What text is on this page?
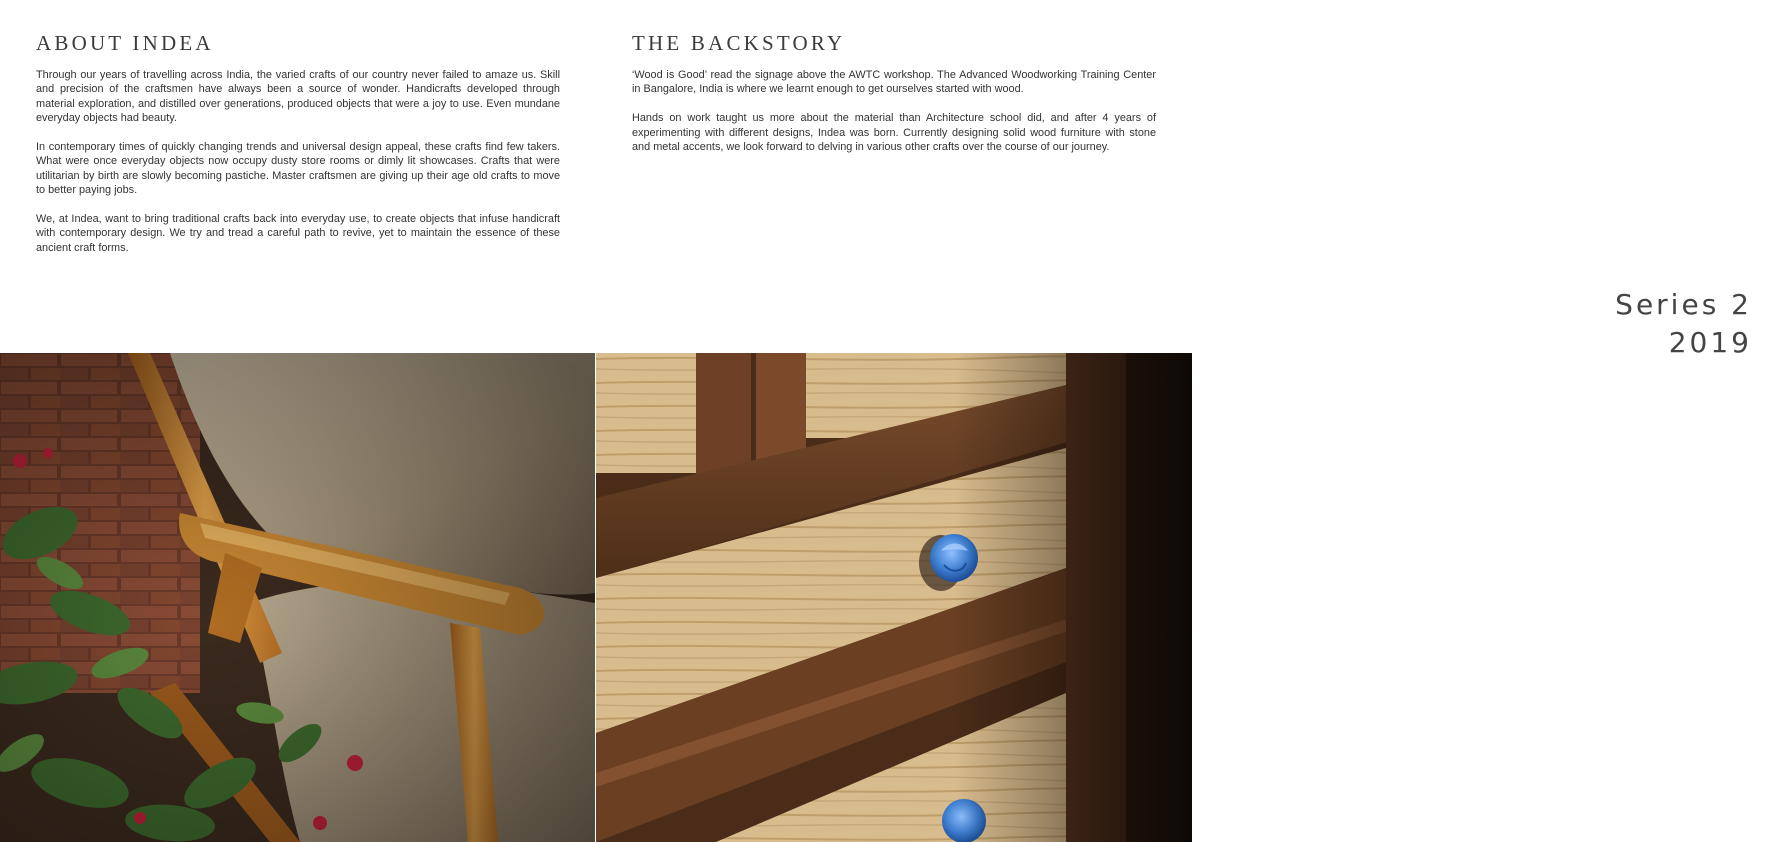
ABOUT INDEA

Through our years of travelling across India, the varied crafts of our country never failed to amaze us. Skill and precision of the craftsmen have always been a source of wonder. Handicrafts developed through material exploration, and distilled over generations, produced objects that were a joy to use. Even mundane everyday objects had beauty.

In contemporary times of quickly changing trends and universal design appeal, these crafts find few takers. What were once everyday objects now occupy dusty store rooms or dimly lit showcases. Crafts that were utilitarian by birth are slowly becoming pastiche. Master craftsmen are giving up their age old crafts to move to better paying jobs.

We, at Indea, want to bring traditional crafts back into everyday use, to create objects that infuse handicraft with contemporary design. We try and tread a careful path to revive, yet to maintain the essence of these ancient craft forms.

THE BACKSTORY

‘Wood is Good’ read the signage above the AWTC workshop. The Advanced Woodworking Training Center in Bangalore, India is where we learnt enough to get ourselves started with wood.

Hands on work taught us more about the material than Architecture school did, and after 4 years of experimenting with different designs, Indea was born. Currently designing solid wood furniture with stone and metal accents, we look forward to delving in various other crafts over the course of our journey.

Series 2
2019
